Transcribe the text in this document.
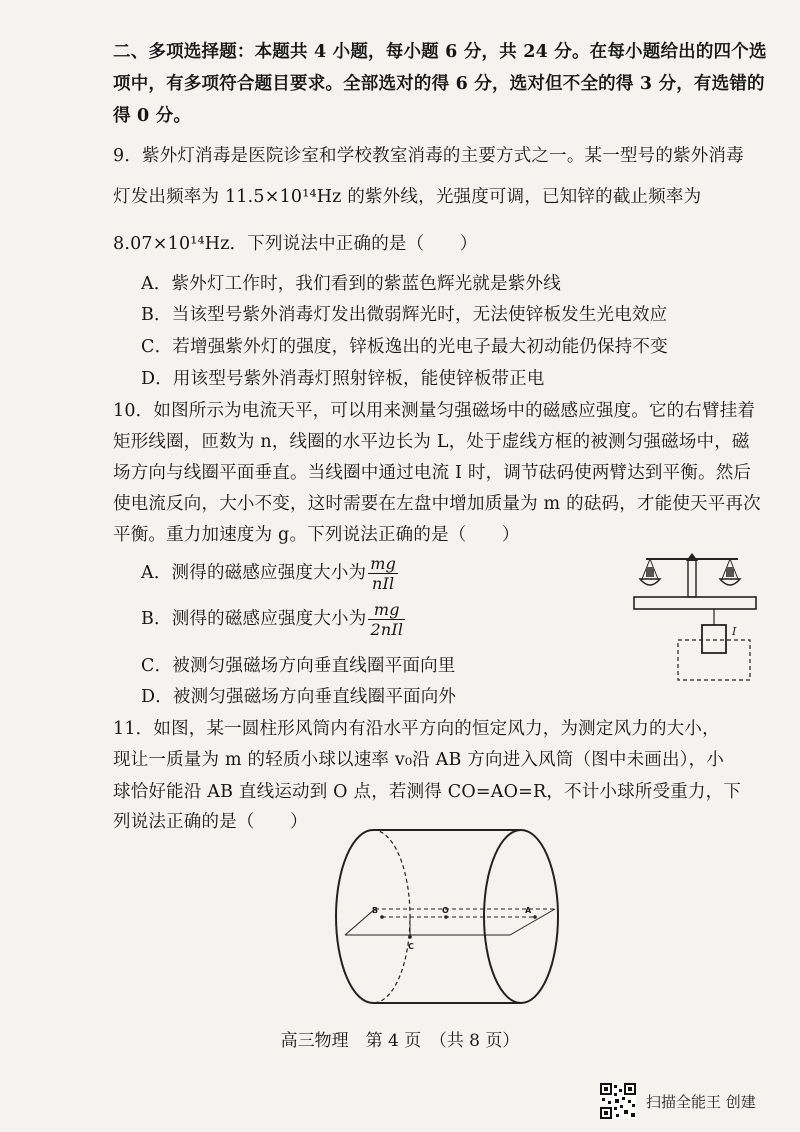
二、多项选择题：本题共 4 小题，每小题 6 分，共 24 分。在每小题给出的四个选
项中，有多项符合题目要求。全部选对的得 6 分，选对但不全的得 3 分，有选错的
得 0 分。
9．紫外灯消毒是医院诊室和学校教室消毒的主要方式之一。某一型号的紫外消毒
灯发出频率为 11.5×10¹⁴Hz 的紫外线，光强度可调，已知锌的截止频率为
8.07×10¹⁴Hz．下列说法中正确的是（　　）
A．紫外灯工作时，我们看到的紫蓝色辉光就是紫外线
B．当该型号紫外消毒灯发出微弱辉光时，无法使锌板发生光电效应
C．若增强紫外灯的强度，锌板逸出的光电子最大初动能仍保持不变
D．用该型号紫外消毒灯照射锌板，能使锌板带正电
10．如图所示为电流天平，可以用来测量匀强磁场中的磁感应强度。它的右臂挂着
矩形线圈，匝数为 n，线圈的水平边长为 L，处于虚线方框的被测匀强磁场中，磁
场方向与线圈平面垂直。当线圈中通过电流 I 时，调节砝码使两臂达到平衡。然后
使电流反向，大小不变，这时需要在左盘中增加质量为 m 的砝码，才能使天平再次
平衡。重力加速度为 g。下列说法正确的是（　　）
A．测得的磁感应强度大小为 $\frac{mg}{\text{nIl}}$
B．测得的磁感应强度大小为 $\frac{mg}{\text{2nIl}}$
C．被测匀强磁场方向垂直线圈平面向里
D．被测匀强磁场方向垂直线圈平面向外
I
11．如图，某一圆柱形风筒内有沿水平方向的恒定风力，为测定风力的大小，
现让一质量为 m 的轻质小球以速率 v₀沿 AB 方向进入风筒（图中未画出），小
球恰好能沿 AB 直线运动到 O 点，若测得 CO=AO=R，不计小球所受重力，下
列说法正确的是（　　）
B	O	A
C
高三物理　第 4 页　（共 8 页）
扫描全能王 创建
